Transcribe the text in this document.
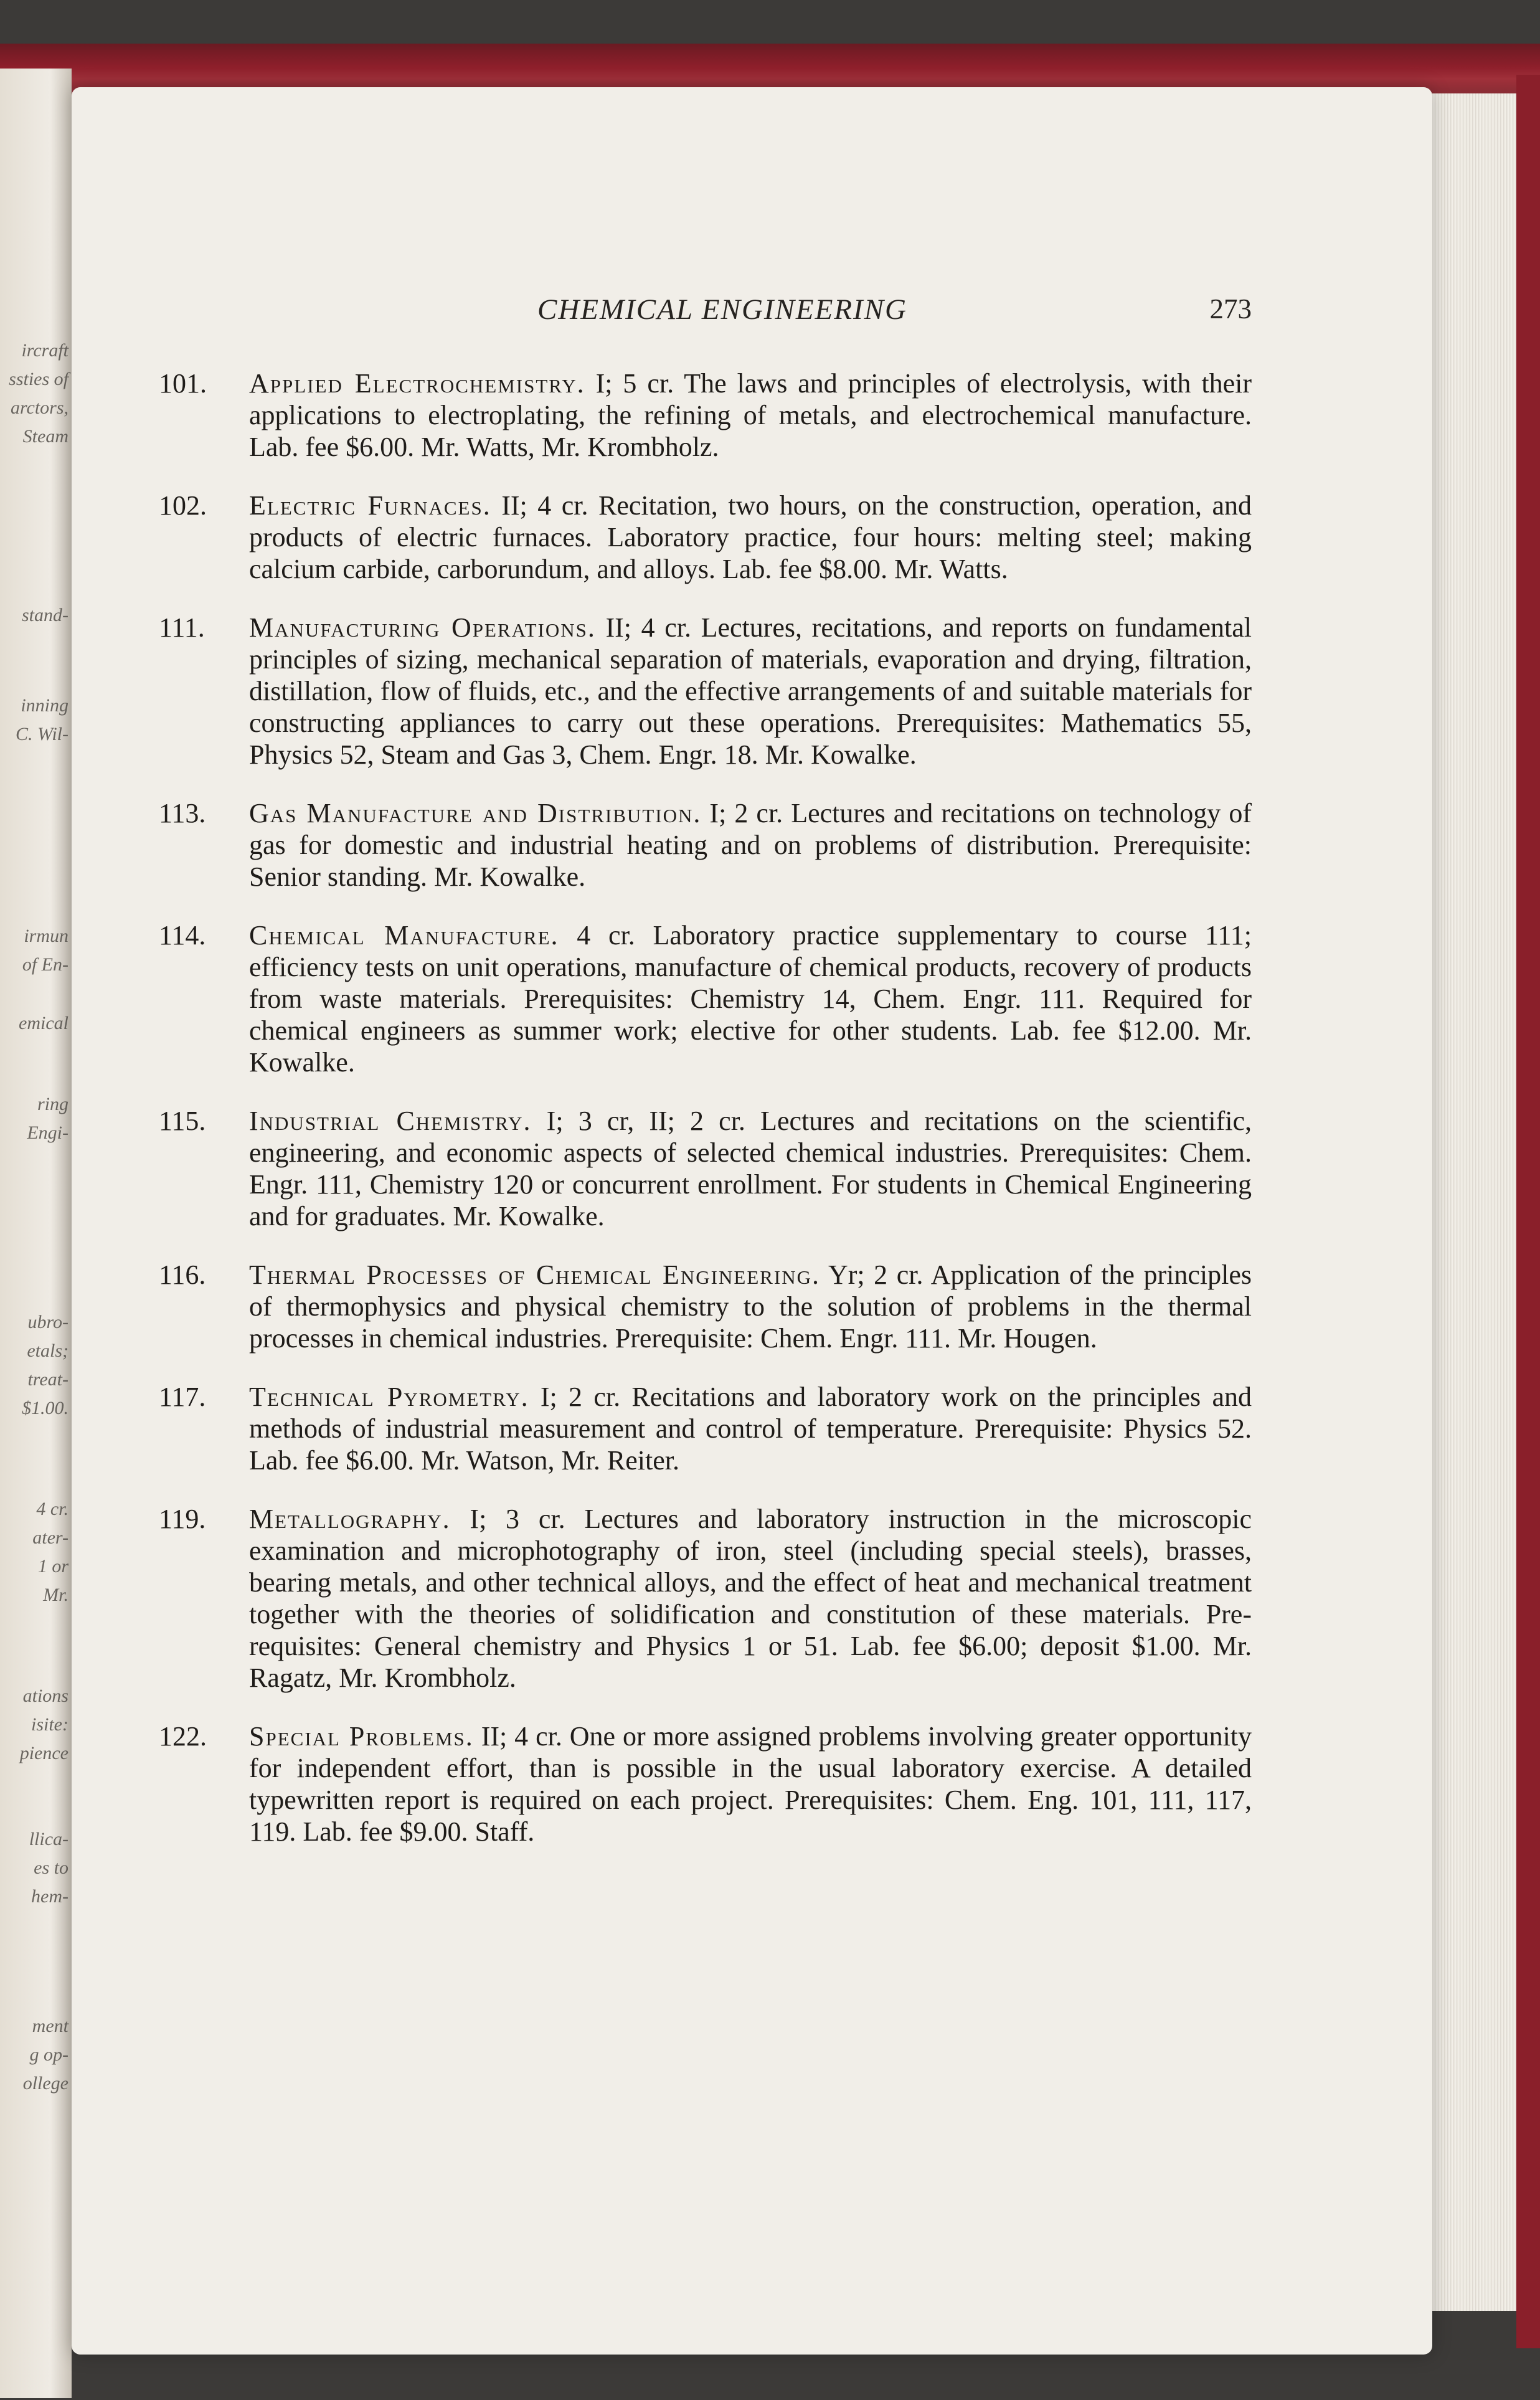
ircraft
ssties of
arctors,
Steam
stand-
inning
C. Wil-
irmun
of En-
emical
ring
Engi-
ubro-
etals;
treat-
$1.00.
4 cr.
ater-
1 or
Mr.
ations
isite:
pience
llica-
es to
hem-
ment
g op-
ollege
CHEMICAL ENGINEERING	273
101. Applied Electrochemistry. I; 5 cr. The laws and principles of electrolysis, with their applications to electroplating, the refining of metals, and electrochemical manufacture. Lab. fee $6.00. Mr. Watts, Mr. Krombholz.
102. Electric Furnaces. II; 4 cr. Recitation, two hours, on the construction, operation, and products of electric furnaces. Laboratory practice, four hours: melting steel; making calcium carbide, carborundum, and alloys. Lab. fee $8.00. Mr. Watts.
111. Manufacturing Operations. II; 4 cr. Lectures, recitations, and reports on fundamental principles of sizing, mechanical separation of materials, evaporation and drying, filtration, distillation, flow of fluids, etc., and the effective arrangements of and suitable materials for constructing appliances to carry out these operations. Prerequisites: Mathematics 55, Physics 52, Steam and Gas 3, Chem. Engr. 18. Mr. Kowalke.
113. Gas Manufacture and Distribution. I; 2 cr. Lectures and recitations on technology of gas for domestic and industrial heating and on problems of distribution. Prerequisite: Senior standing. Mr. Kowalke.
114. Chemical Manufacture. 4 cr. Laboratory practice supplementary to course 111; efficiency tests on unit operations, manufacture of chemical products, recovery of products from waste materials. Prerequisites: Chemistry 14, Chem. Engr. 111. Required for chemical engineers as summer work; elective for other students. Lab. fee $12.00. Mr. Kowalke.
115. Industrial Chemistry. I; 3 cr, II; 2 cr. Lectures and recitations on the scientific, engineering, and economic aspects of selected chemical industries. Prerequisites: Chem. Engr. 111, Chemistry 120 or concurrent enrollment. For students in Chemical Engineering and for graduates. Mr. Kowalke.
116. Thermal Processes of Chemical Engineering. Yr; 2 cr. Application of the principles of thermophysics and physical chemistry to the solution of problems in the thermal processes in chemical industries. Prerequisite: Chem. Engr. 111. Mr. Hougen.
117. Technical Pyrometry. I; 2 cr. Recitations and laboratory work on the principles and methods of industrial measurement and control of temperature. Prerequisite: Physics 52. Lab. fee $6.00. Mr. Watson, Mr. Reiter.
119. Metallography. I; 3 cr. Lectures and laboratory instruction in the microscopic examination and microphotography of iron, steel (including special steels), brasses, bearing metals, and other technical alloys, and the effect of heat and mechanical treatment together with the theories of solidification and constitution of these materials. Prerequisites: General chemistry and Physics 1 or 51. Lab. fee $6.00; deposit $1.00. Mr. Ragatz, Mr. Krombholz.
122. Special Problems. II; 4 cr. One or more assigned problems involving greater opportunity for independent effort, than is possible in the usual laboratory exercise. A detailed typewritten report is required on each project. Prerequisites: Chem. Eng. 101, 111, 117, 119. Lab. fee $9.00. Staff.
